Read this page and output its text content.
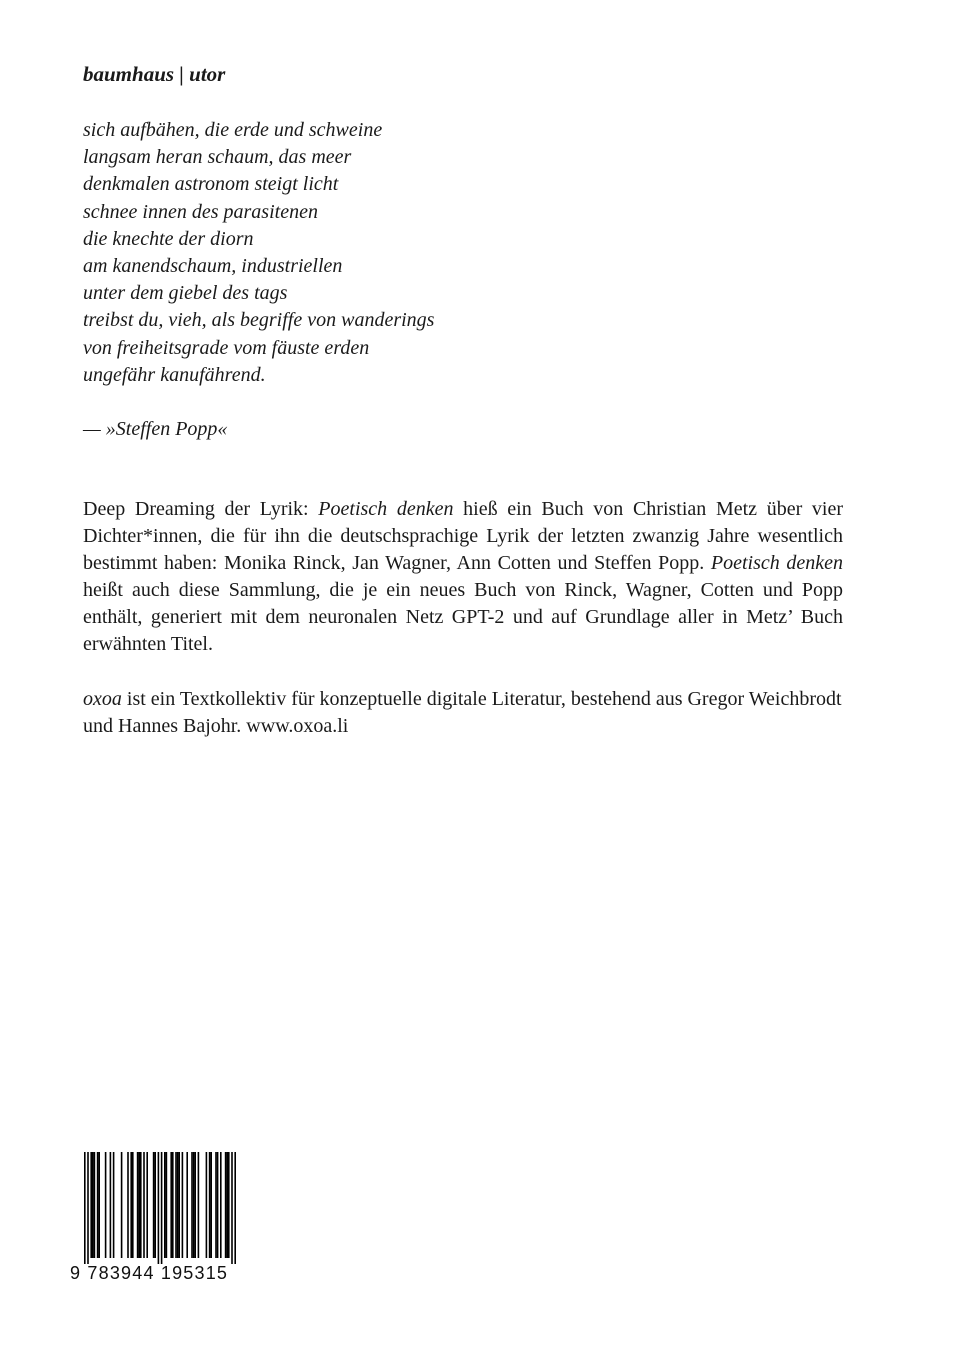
baumhaus | utor
sich aufbähen, die erde und schweine
langsam heran schaum, das meer
denkmalen astronom steigt licht
schnee innen des parasitenen
die knechte der diorn
am kanendschaum, industriellen
unter dem giebel des tags
treibst du, vieh, als begriffe von wanderings
von freiheitsgrade vom fäuste erden
ungefähr kanufährend.
— »Steffen Popp«

Deep Dreaming der Lyrik: Poetisch denken hieß ein Buch von Christian Metz über vier Dichter*innen, die für ihn die deutschsprachige Lyrik der letzten zwanzig Jahre wesentlich bestimmt haben: Monika Rinck, Jan Wagner, Ann Cotten und Steffen Popp. Poetisch denken heißt auch diese Sammlung, die je ein neues Buch von Rinck, Wagner, Cotten und Popp enthält, generiert mit dem neuronalen Netz GPT-2 und auf Grundlage aller in Metz’ Buch erwähnten Titel.

oxoa ist ein Textkollektiv für konzeptuelle digitale Literatur, bestehend aus Gregor Weichbrodt und Hannes Bajohr. www.oxoa.li

9 783944 195315
